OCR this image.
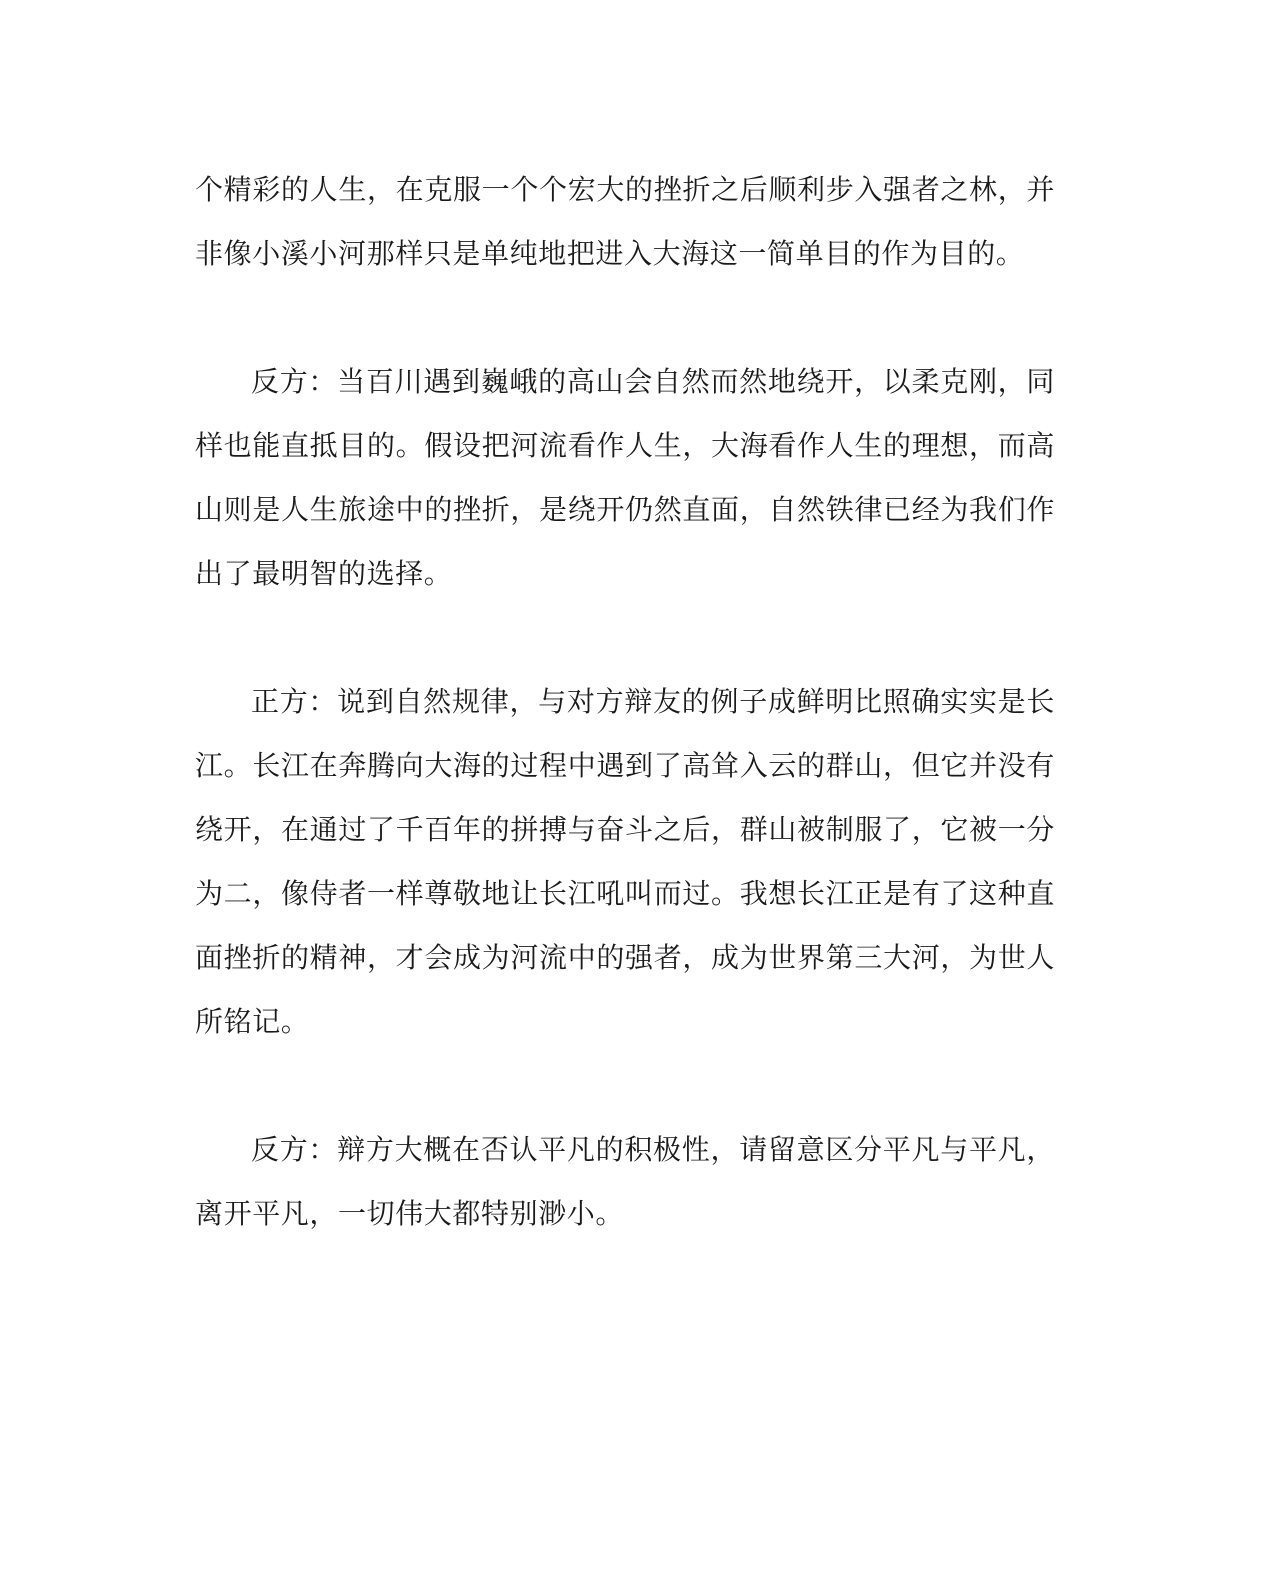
个精彩的人生，在克服一个个宏大的挫折之后顺利步入强者之林，并非像小溪小河那样只是单纯地把进入大海这一简单目的作为目的。

反方：当百川遇到巍峨的高山会自然而然地绕开，以柔克刚，同样也能直抵目的。假设把河流看作人生，大海看作人生的理想，而高山则是人生旅途中的挫折，是绕开仍然直面，自然铁律已经为我们作出了最明智的选择。

正方：说到自然规律，与对方辩友的例子成鲜明比照确实实是长江。长江在奔腾向大海的过程中遇到了高耸入云的群山，但它并没有绕开，在通过了千百年的拼搏与奋斗之后，群山被制服了，它被一分为二，像侍者一样尊敬地让长江吼叫而过。我想长江正是有了这种直面挫折的精神，才会成为河流中的强者，成为世界第三大河，为世人所铭记。

反方：辩方大概在否认平凡的积极性，请留意区分平凡与平凡，离开平凡，一切伟大都特别渺小。
